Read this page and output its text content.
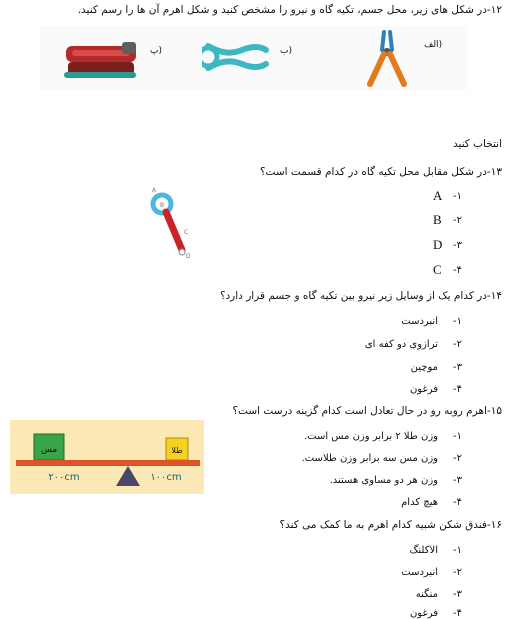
۱۲-در شکل های زیر، محل جسم، تکیه گاه و نیرو را مشخص کنید و شکل اهرم آن ها را رسم کنید.
پ)	ب)
الف)
انتخاب کنید
۱۳-در شکل مقابل محل تکیه گاه در کدام قسمت است؟
A
B
C
D
۱-
A
۲-
B
۳-
D
۴-
C
۱۴-در کدام یک از وسایل زیر نیرو بین تکیه گاه و جسم قرار دارد؟
۱-
انبردست
۲-
ترازوی دو کفه ای
۳-
موچین
۴-
فرغون
۱۵-اهرم روبه رو در حال تعادل است کدام گزینه درست است؟
مس	طلا
۲۰۰cm	۱۰۰cm
۱-
وزن طلا ۲ برابر وزن مس است.
۲-
وزن مس سه برابر وزن طلاست.
۳-
وزن هر دو مساوی هستند.
۴-
هیچ کدام
۱۶-فندق شکن شبیه کدام اهرم به ما کمک می کند؟
۱-
الاکلنگ
۲-
انبردست
۳-
منگنه
۴-
فرغون
